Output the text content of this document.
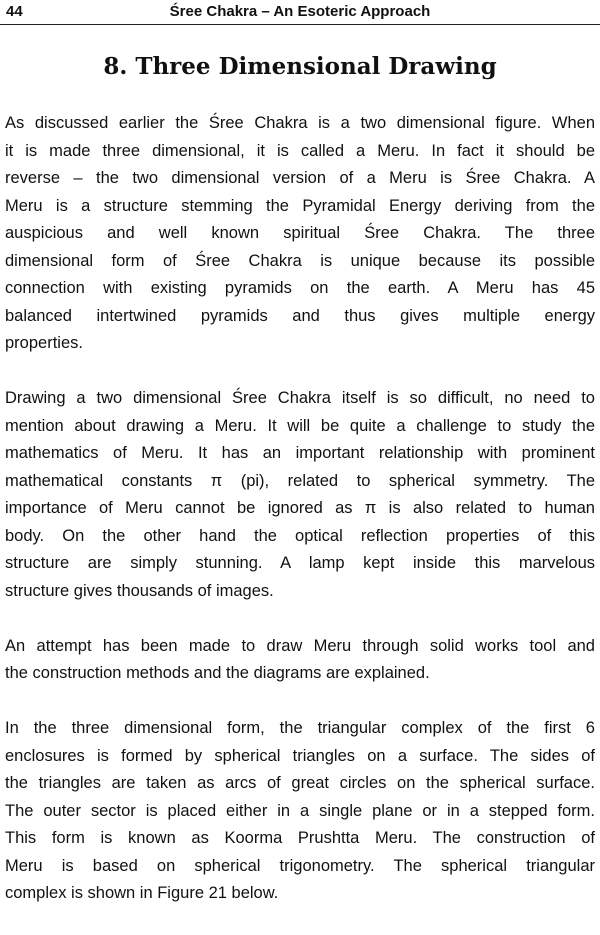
44	Śree Chakra – An Esoteric Approach
8. Three Dimensional Drawing

As discussed earlier the Śree Chakra is a two dimensional figure. When
it is made three dimensional, it is called a Meru. In fact it should be
reverse – the two dimensional version of a Meru is Śree Chakra. A
Meru is a structure stemming the Pyramidal Energy deriving from the
auspicious and well known spiritual Śree Chakra. The three
dimensional form of Śree Chakra is unique because its possible
connection with existing pyramids on the earth. A Meru has 45
balanced intertwined pyramids and thus gives multiple energy
properties.

Drawing a two dimensional Śree Chakra itself is so difficult, no need to
mention about drawing a Meru. It will be quite a challenge to study the
mathematics of Meru. It has an important relationship with prominent
mathematical constants π (pi), related to spherical symmetry. The
importance of Meru cannot be ignored as π is also related to human
body. On the other hand the optical reflection properties of this
structure are simply stunning. A lamp kept inside this marvelous
structure gives thousands of images.

An attempt has been made to draw Meru through solid works tool and
the construction methods and the diagrams are explained.

In the three dimensional form, the triangular complex of the first 6
enclosures is formed by spherical triangles on a surface. The sides of
the triangles are taken as arcs of great circles on the spherical surface.
The outer sector is placed either in a single plane or in a stepped form.
This form is known as Koorma Prushtta Meru. The construction of
Meru is based on spherical trigonometry. The spherical triangular
complex is shown in Figure 21 below.
